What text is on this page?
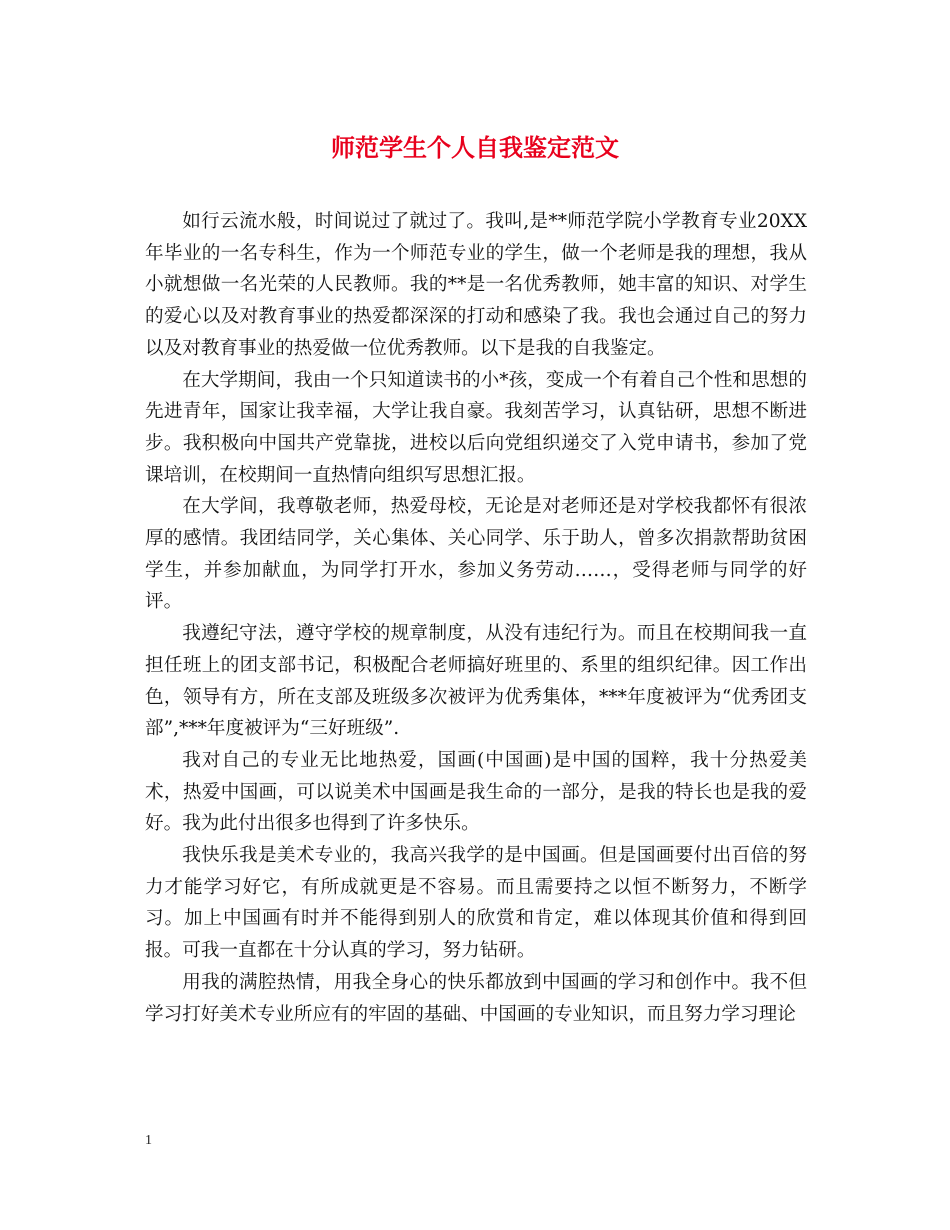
师范学生个人自我鉴定范文

如行云流水般，时间说过了就过了。我叫,是**师范学院小学教育专业20XX年毕业的一名专科生，作为一个师范专业的学生，做一个老师是我的理想，我从小就想做一名光荣的人民教师。我的**是一名优秀教师，她丰富的知识、对学生的爱心以及对教育事业的热爱都深深的打动和感染了我。我也会通过自己的努力以及对教育事业的热爱做一位优秀教师。以下是我的自我鉴定。

在大学期间，我由一个只知道读书的小*孩，变成一个有着自己个性和思想的先进青年，国家让我幸福，大学让我自豪。我刻苦学习，认真钻研，思想不断进步。我积极向中国共产党靠拢，进校以后向党组织递交了入党申请书，参加了党课培训，在校期间一直热情向组织写思想汇报。

在大学间，我尊敬老师，热爱母校，无论是对老师还是对学校我都怀有很浓厚的感情。我团结同学，关心集体、关心同学、乐于助人，曾多次捐款帮助贫困学生，并参加献血，为同学打开水，参加义务劳动……，受得老师与同学的好评。

我遵纪守法，遵守学校的规章制度，从没有违纪行为。而且在校期间我一直担任班上的团支部书记，积极配合老师搞好班里的、系里的组织纪律。因工作出色，领导有方，所在支部及班级多次被评为优秀集体，***年度被评为“优秀团支部”,***年度被评为“三好班级”.

我对自己的专业无比地热爱，国画(中国画)是中国的国粹，我十分热爱美术，热爱中国画，可以说美术中国画是我生命的一部分，是我的特长也是我的爱好。我为此付出很多也得到了许多快乐。

我快乐我是美术专业的，我高兴我学的是中国画。但是国画要付出百倍的努力才能学习好它，有所成就更是不容易。而且需要持之以恒不断努力，不断学习。加上中国画有时并不能得到别人的欣赏和肯定，难以体现其价值和得到回报。可我一直都在十分认真的学习，努力钻研。

用我的满腔热情，用我全身心的快乐都放到中国画的学习和创作中。我不但学习打好美术专业所应有的牢固的基础、中国画的专业知识，而且努力学习理论

1
